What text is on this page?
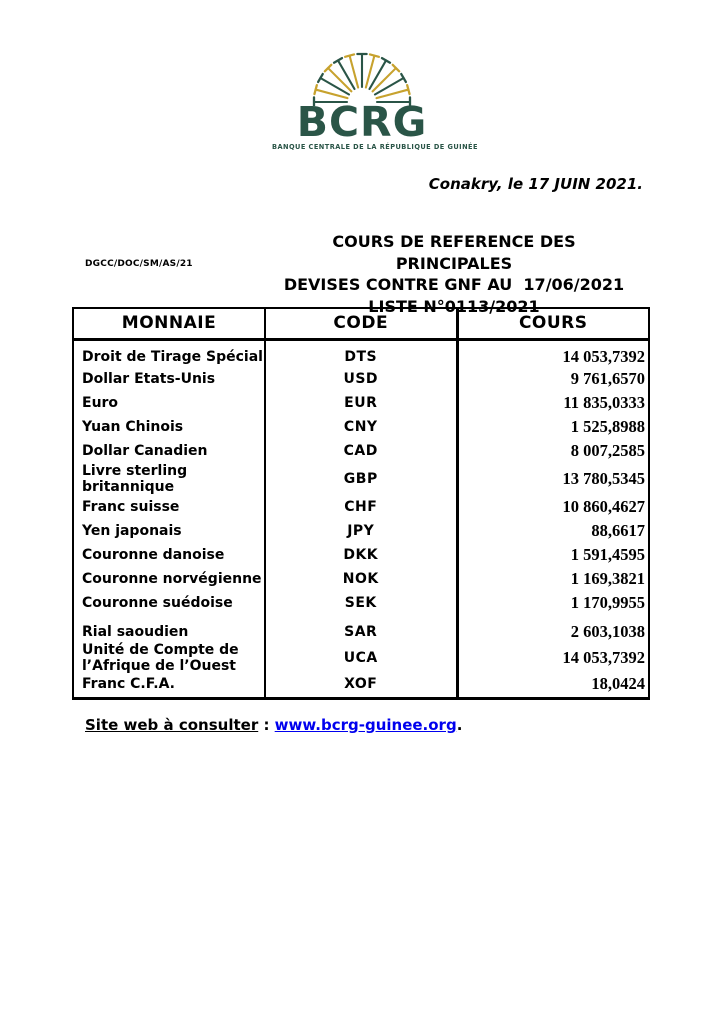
BCRG
BANQUE CENTRALE DE LA RÉPUBLIQUE DE GUINÉE
Conakry, le 17 JUIN 2021.
DGCC/DOC/SM/AS/21
COURS DE REFERENCE DES PRINCIPALES
DEVISES CONTRE GNF AU  17/06/2021
LISTE N°0113/2021
MONNAIE	CODE	COURS
Droit de Tirage Spécial	DTS	14 053,7392
Dollar Etats-Unis	USD	9 761,6570
Euro	EUR	11 835,0333
Yuan Chinois	CNY	1 525,8988
Dollar Canadien	CAD	8 007,2585
Livre sterling britannique	GBP	13 780,5345
Franc suisse	CHF	10 860,4627
Yen japonais	JPY	88,6617
Couronne danoise	DKK	1 591,4595
Couronne norvégienne	NOK	1 169,3821
Couronne suédoise	SEK	1 170,9955
Rial saoudien	SAR	2 603,1038
Unité de Compte de l’Afrique de l’Ouest	UCA	14 053,7392
Franc C.F.A.	XOF	18,0424
Site web à consulter : www.bcrg-guinee.org.
